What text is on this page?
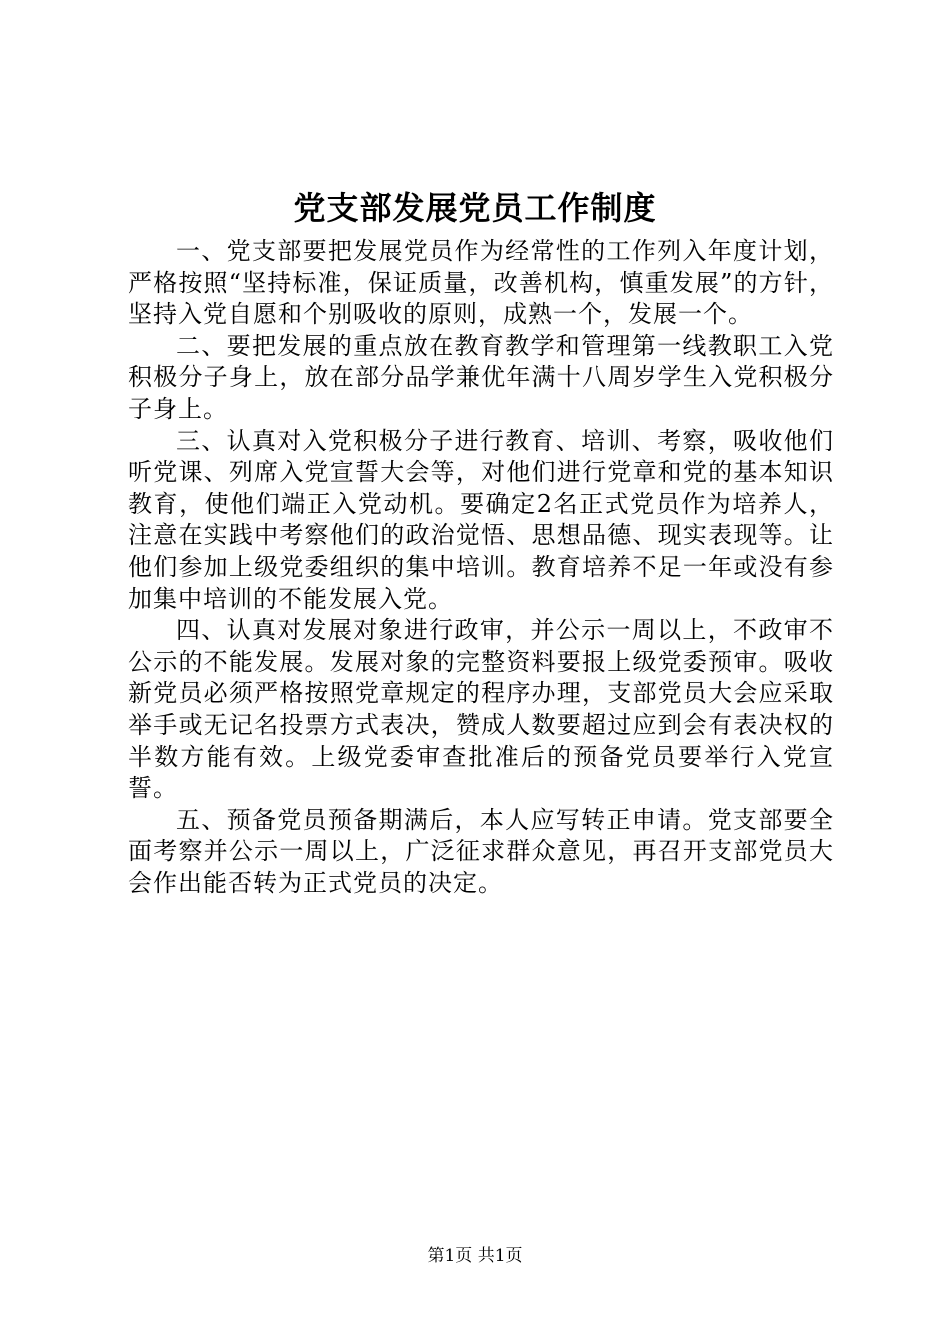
党支部发展党员工作制度

一、党支部要把发展党员作为经常性的工作列入年度计划，严格按照“坚持标准，保证质量，改善机构，慎重发展”的方针，坚持入党自愿和个别吸收的原则，成熟一个，发展一个。

二、要把发展的重点放在教育教学和管理第一线教职工入党积极分子身上，放在部分品学兼优年满十八周岁学生入党积极分子身上。

三、认真对入党积极分子进行教育、培训、考察，吸收他们听党课、列席入党宣誓大会等，对他们进行党章和党的基本知识教育，使他们端正入党动机。要确定2名正式党员作为培养人，注意在实践中考察他们的政治觉悟、思想品德、现实表现等。让他们参加上级党委组织的集中培训。教育培养不足一年或没有参加集中培训的不能发展入党。

四、认真对发展对象进行政审，并公示一周以上，不政审不公示的不能发展。发展对象的完整资料要报上级党委预审。吸收新党员必须严格按照党章规定的程序办理，支部党员大会应采取举手或无记名投票方式表决，赞成人数要超过应到会有表决权的半数方能有效。上级党委审查批准后的预备党员要举行入党宣誓。

五、预备党员预备期满后，本人应写转正申请。党支部要全面考察并公示一周以上，广泛征求群众意见，再召开支部党员大会作出能否转为正式党员的决定。

第1页 共1页
